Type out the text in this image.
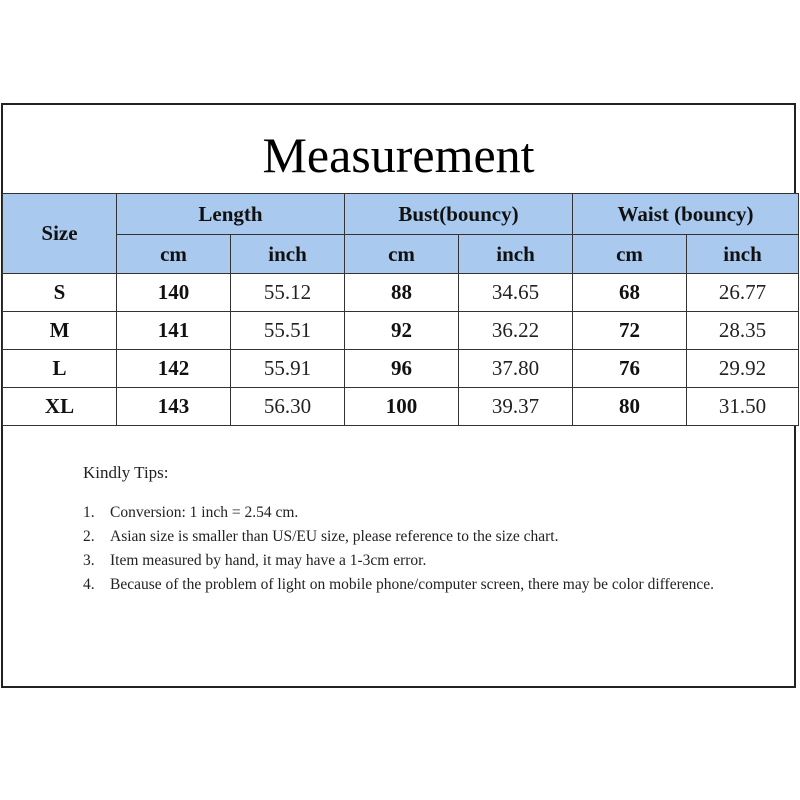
Measurement
Size	Length		Bust(bouncy)		Waist (bouncy)	
	cm	inch	cm	inch	cm	inch
S	140	55.12	88	34.65	68	26.77
M	141	55.51	92	36.22	72	28.35
L	142	55.91	96	37.80	76	29.92
XL	143	56.30	100	39.37	80	31.50
Kindly Tips:
1. Conversion: 1 inch = 2.54 cm.
2. Asian size is smaller than US/EU size, please reference to the size chart.
3. Item measured by hand, it may have a 1-3cm error.
4. Because of the problem of light on mobile phone/computer screen, there may be color difference.
